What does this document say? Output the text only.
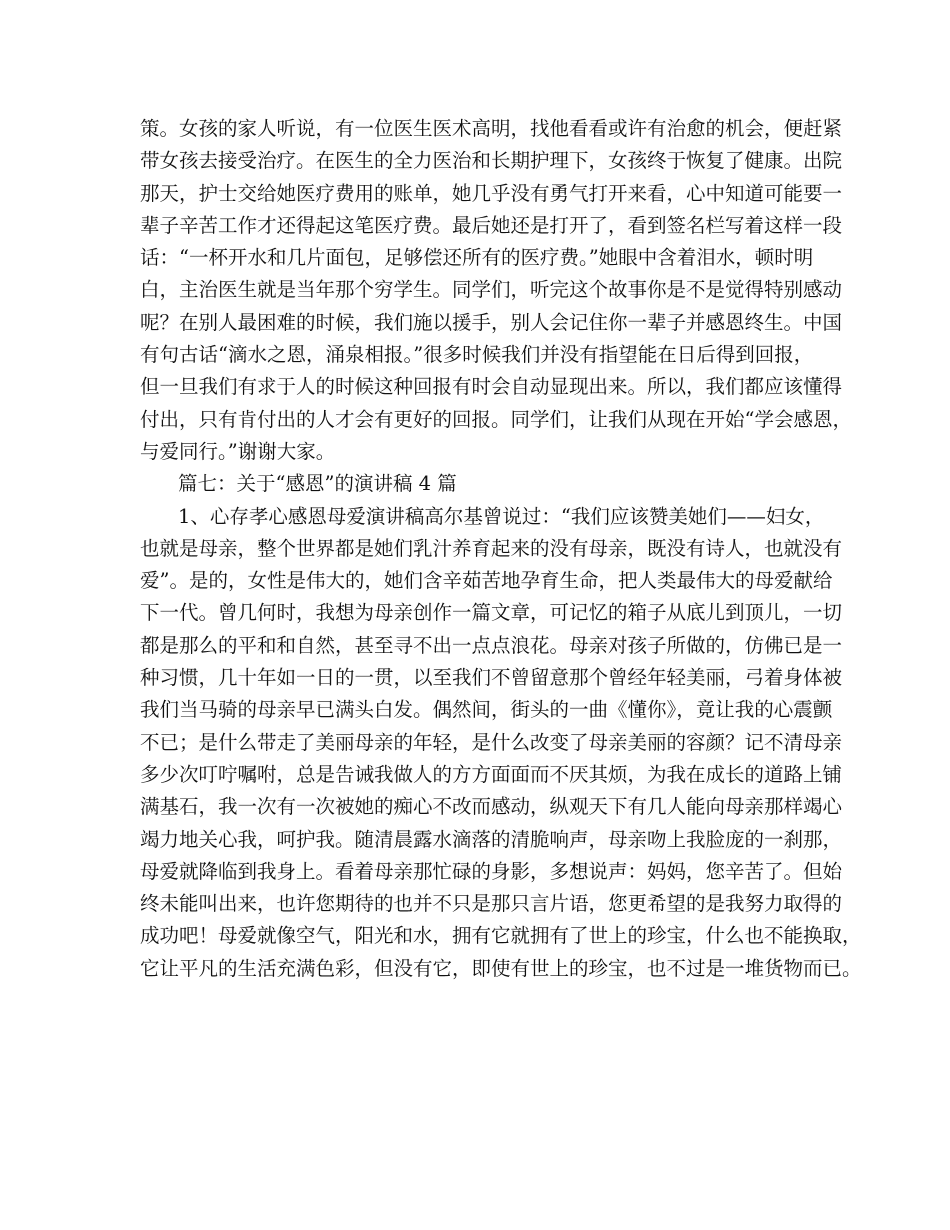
策。女孩的家人听说，有一位医生医术高明，找他看看或许有治愈的机会，便赶紧
带女孩去接受治疗。在医生的全力医治和长期护理下，女孩终于恢复了健康。出院
那天，护士交给她医疗费用的账单，她几乎没有勇气打开来看，心中知道可能要一
辈子辛苦工作才还得起这笔医疗费。最后她还是打开了，看到签名栏写着这样一段
话：“一杯开水和几片面包，足够偿还所有的医疗费。”她眼中含着泪水，顿时明
白，主治医生就是当年那个穷学生。同学们，听完这个故事你是不是觉得特别感动
呢？在别人最困难的时候，我们施以援手，别人会记住你一辈子并感恩终生。中国
有句古话“滴水之恩，涌泉相报。”很多时候我们并没有指望能在日后得到回报，
但一旦我们有求于人的时候这种回报有时会自动显现出来。所以，我们都应该懂得
付出，只有肯付出的人才会有更好的回报。同学们，让我们从现在开始“学会感恩，
与爱同行。”谢谢大家。
篇七：关于“感恩”的演讲稿 4 篇
1、心存孝心感恩母爱演讲稿高尔基曾说过：“我们应该赞美她们——妇女，
也就是母亲，整个世界都是她们乳汁养育起来的没有母亲，既没有诗人，也就没有
爱”。是的，女性是伟大的，她们含辛茹苦地孕育生命，把人类最伟大的母爱献给
下一代。曾几何时，我想为母亲创作一篇文章，可记忆的箱子从底儿到顶儿，一切
都是那么的平和和自然，甚至寻不出一点点浪花。母亲对孩子所做的，仿佛已是一
种习惯，几十年如一日的一贯，以至我们不曾留意那个曾经年轻美丽，弓着身体被
我们当马骑的母亲早已满头白发。偶然间，街头的一曲《懂你》，竟让我的心震颤
不已；是什么带走了美丽母亲的年轻，是什么改变了母亲美丽的容颜？记不清母亲
多少次叮咛嘱咐，总是告诫我做人的方方面面而不厌其烦，为我在成长的道路上铺
满基石，我一次有一次被她的痴心不改而感动，纵观天下有几人能向母亲那样竭心
竭力地关心我，呵护我。随清晨露水滴落的清脆响声，母亲吻上我脸庞的一刹那，
母爱就降临到我身上。看着母亲那忙碌的身影，多想说声：妈妈，您辛苦了。但始
终未能叫出来，也许您期待的也并不只是那只言片语，您更希望的是我努力取得的
成功吧！母爱就像空气，阳光和水，拥有它就拥有了世上的珍宝，什么也不能换取，
它让平凡的生活充满色彩，但没有它，即使有世上的珍宝，也不过是一堆货物而已。
